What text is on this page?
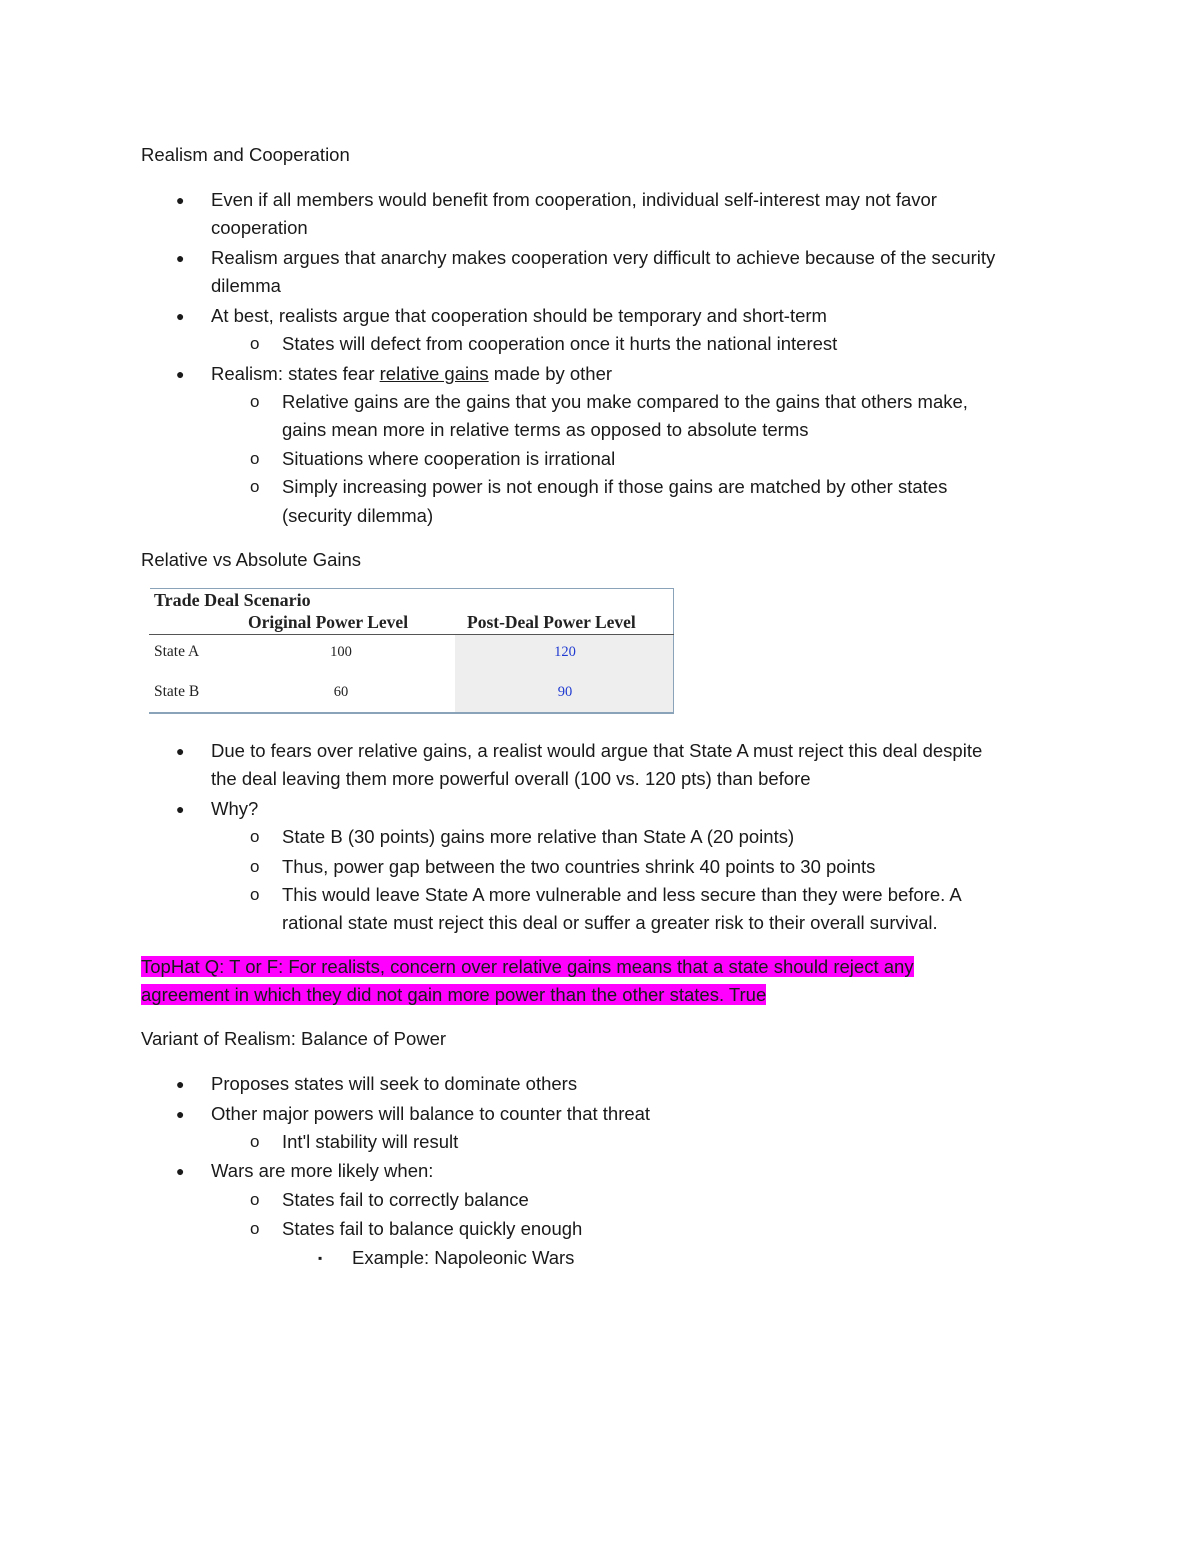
Realism and Cooperation
● Even if all members would benefit from cooperation, individual self-interest may not favor
cooperation
● Realism argues that anarchy makes cooperation very difficult to achieve because of the security
dilemma
● At best, realists argue that cooperation should be temporary and short-term
o States will defect from cooperation once it hurts the national interest
● Realism: states fear relative gains made by other
o Relative gains are the gains that you make compared to the gains that others make,
gains mean more in relative terms as opposed to absolute terms
o Situations where cooperation is irrational
o Simply increasing power is not enough if those gains are matched by other states
(security dilemma)
Relative vs Absolute Gains
Trade Deal Scenario
Original Power Level	Post-Deal Power Level
State A	100	120
State B	60	90
● Due to fears over relative gains, a realist would argue that State A must reject this deal despite
the deal leaving them more powerful overall (100 vs. 120 pts) than before
● Why?
o State B (30 points) gains more relative than State A (20 points)
o Thus, power gap between the two countries shrink 40 points to 30 points
o This would leave State A more vulnerable and less secure than they were before. A
rational state must reject this deal or suffer a greater risk to their overall survival.
TopHat Q: T or F: For realists, concern over relative gains means that a state should reject any
agreement in which they did not gain more power than the other states. True
Variant of Realism: Balance of Power
● Proposes states will seek to dominate others
● Other major powers will balance to counter that threat
o Int'l stability will result
● Wars are more likely when:
o States fail to correctly balance
o States fail to balance quickly enough
▪ Example: Napoleonic Wars
